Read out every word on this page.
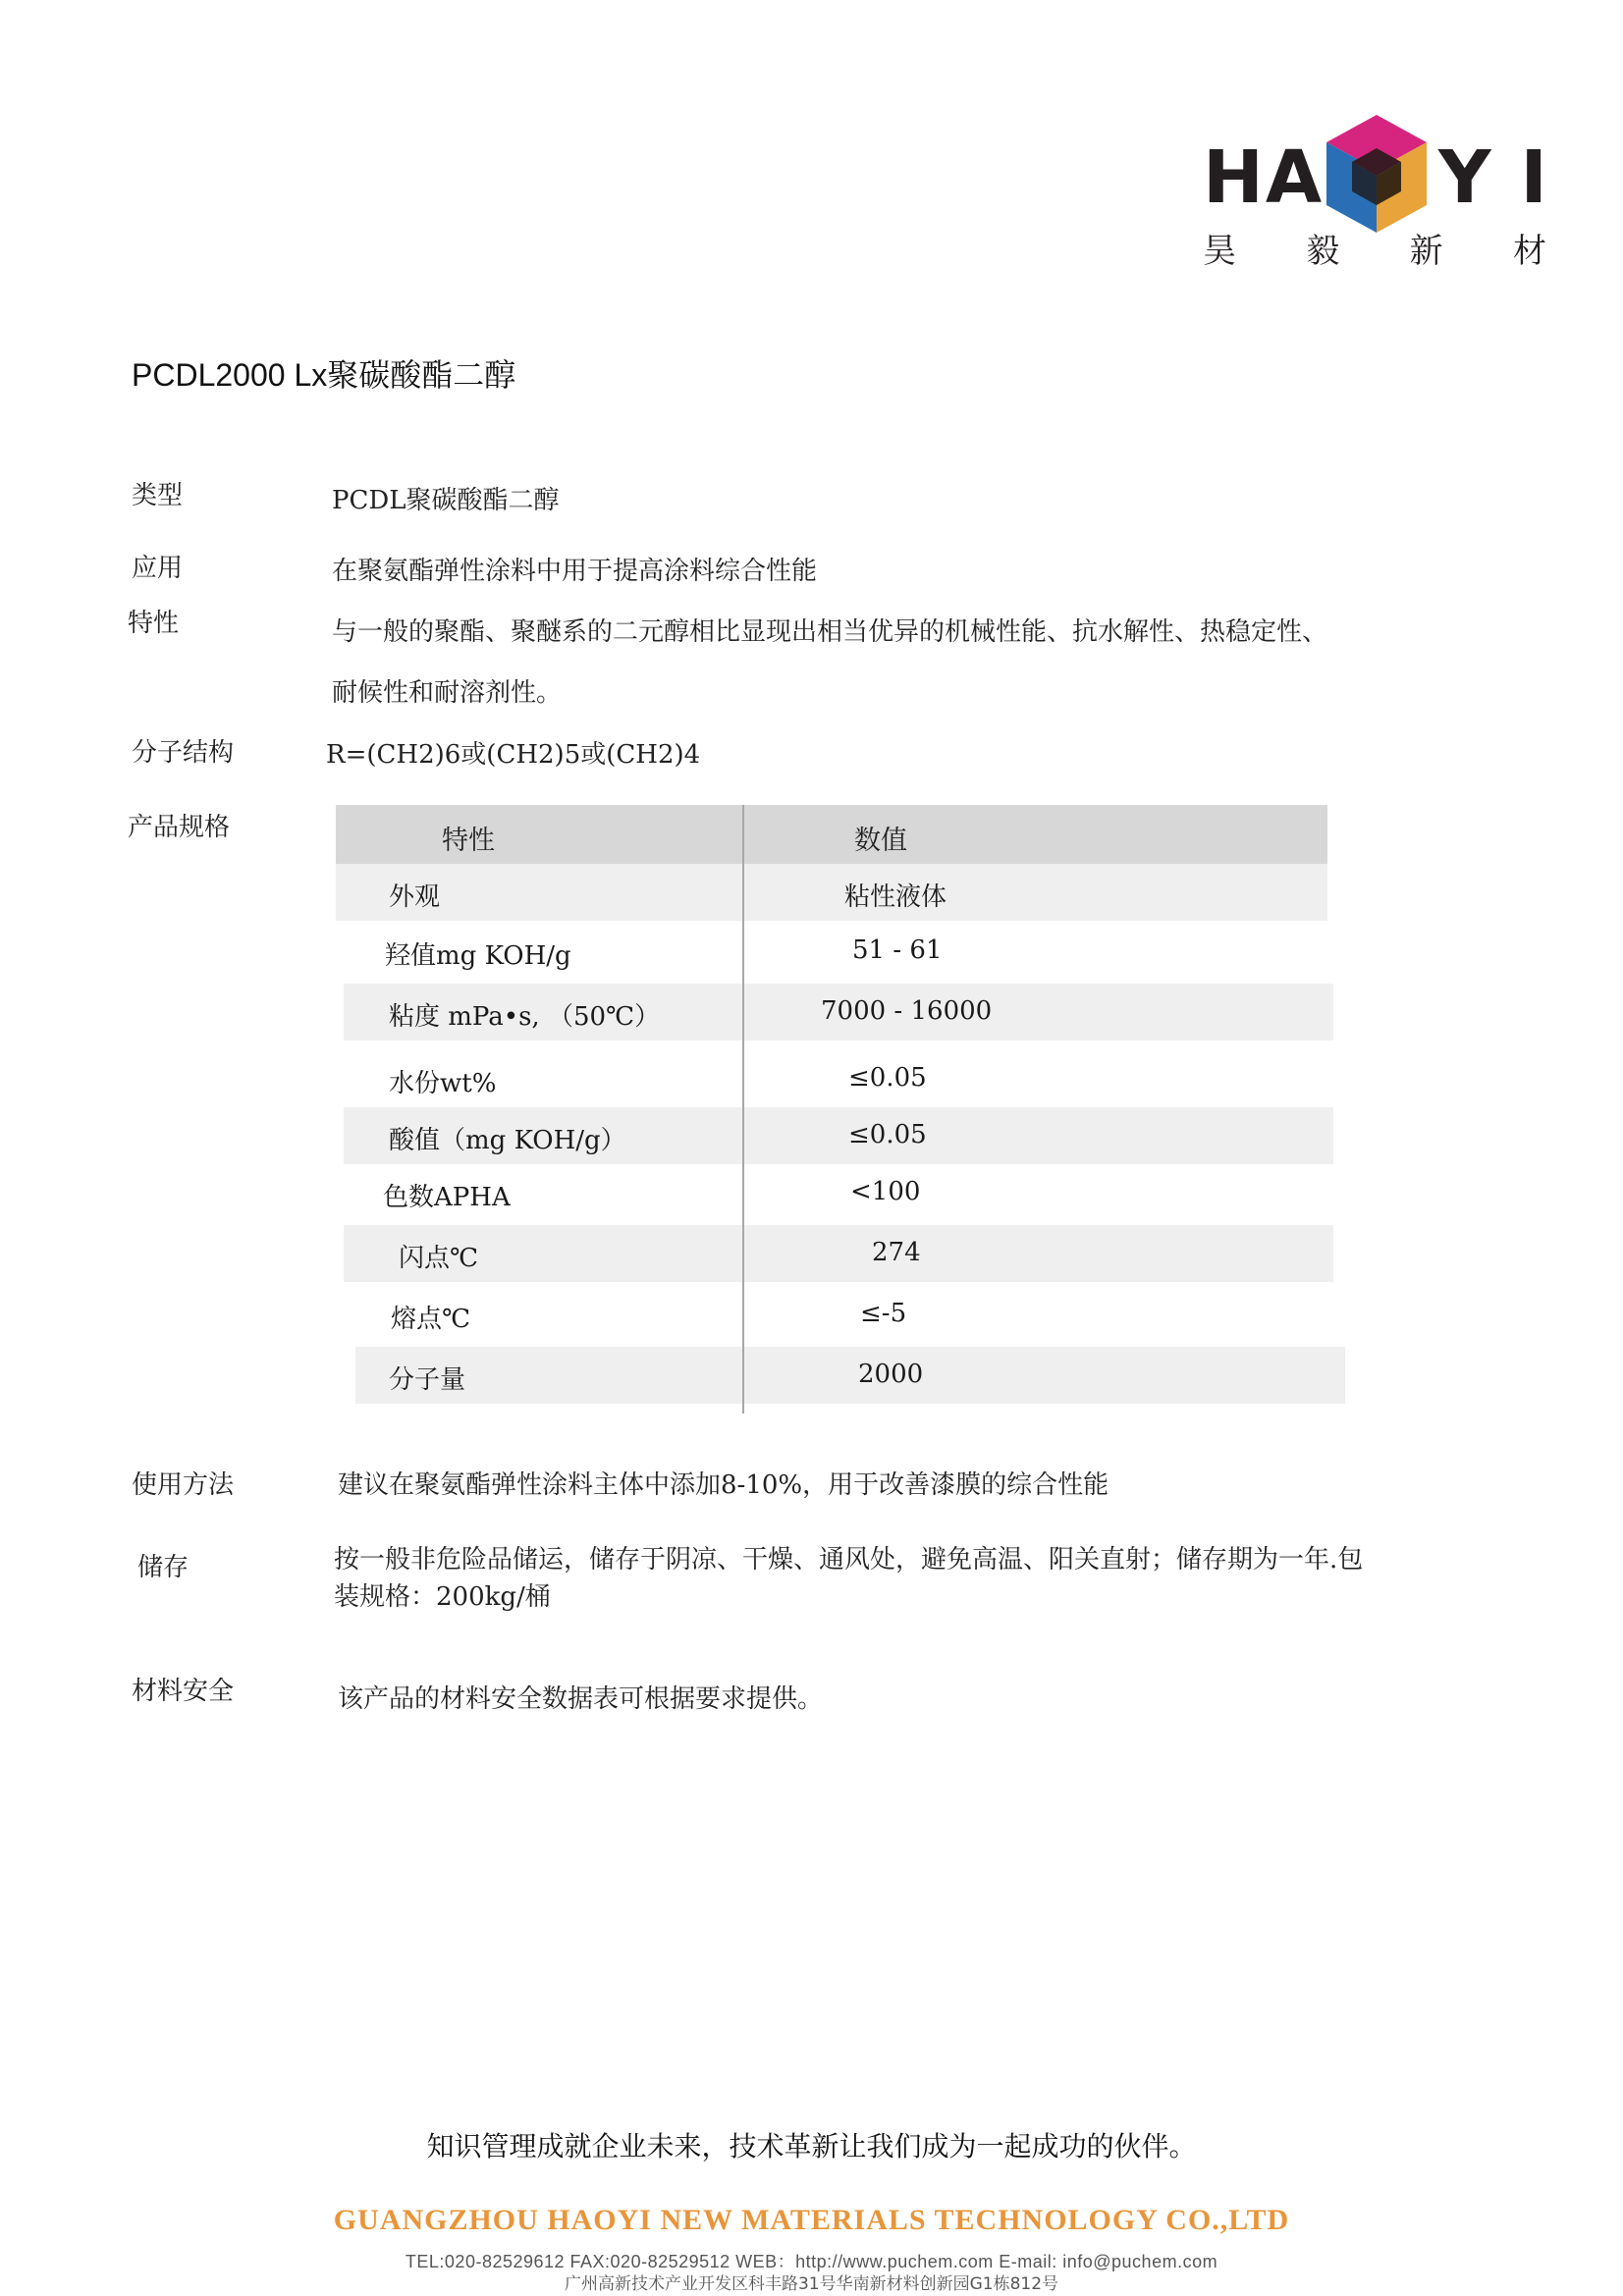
HA Y I
昊 毅 新 材
PCDL2000 Lx聚碳酸酯二醇
类型	PCDL聚碳酸酯二醇
应用	在聚氨酯弹性涂料中用于提高涂料综合性能
特性	与一般的聚酯、聚醚系的二元醇相比显现出相当优异的机械性能、抗水解性、热稳定性、
耐候性和耐溶剂性。
分子结构	R=(CH2)6或(CH2)5或(CH2)4
产品规格	特性	数值
外观	粘性液体
羟值mg KOH/g	51 - 61
粘度 mPa•s, （50℃）	7000 - 16000
水份wt%	≤0.05
酸值（mg KOH/g）	≤0.05
色数APHA	<100
闪点℃	274
熔点℃	≤-5
分子量	2000
使用方法	建议在聚氨酯弹性涂料主体中添加8-10%，用于改善漆膜的综合性能
储存	按一般非危险品储运，储存于阴凉、干燥、通风处，避免高温、阳关直射；储存期为一年.包
装规格：200kg/桶
材料安全	该产品的材料安全数据表可根据要求提供。
知识管理成就企业未来，技术革新让我们成为一起成功的伙伴。
GUANGZHOU HAOYI NEW MATERIALS TECHNOLOGY CO.,LTD
TEL:020-82529612 FAX:020-82529512 WEB：http://www.puchem.com E-mail: info@puchem.com
广州高新技术产业开发区科丰路31号华南新材料创新园G1栋812号
